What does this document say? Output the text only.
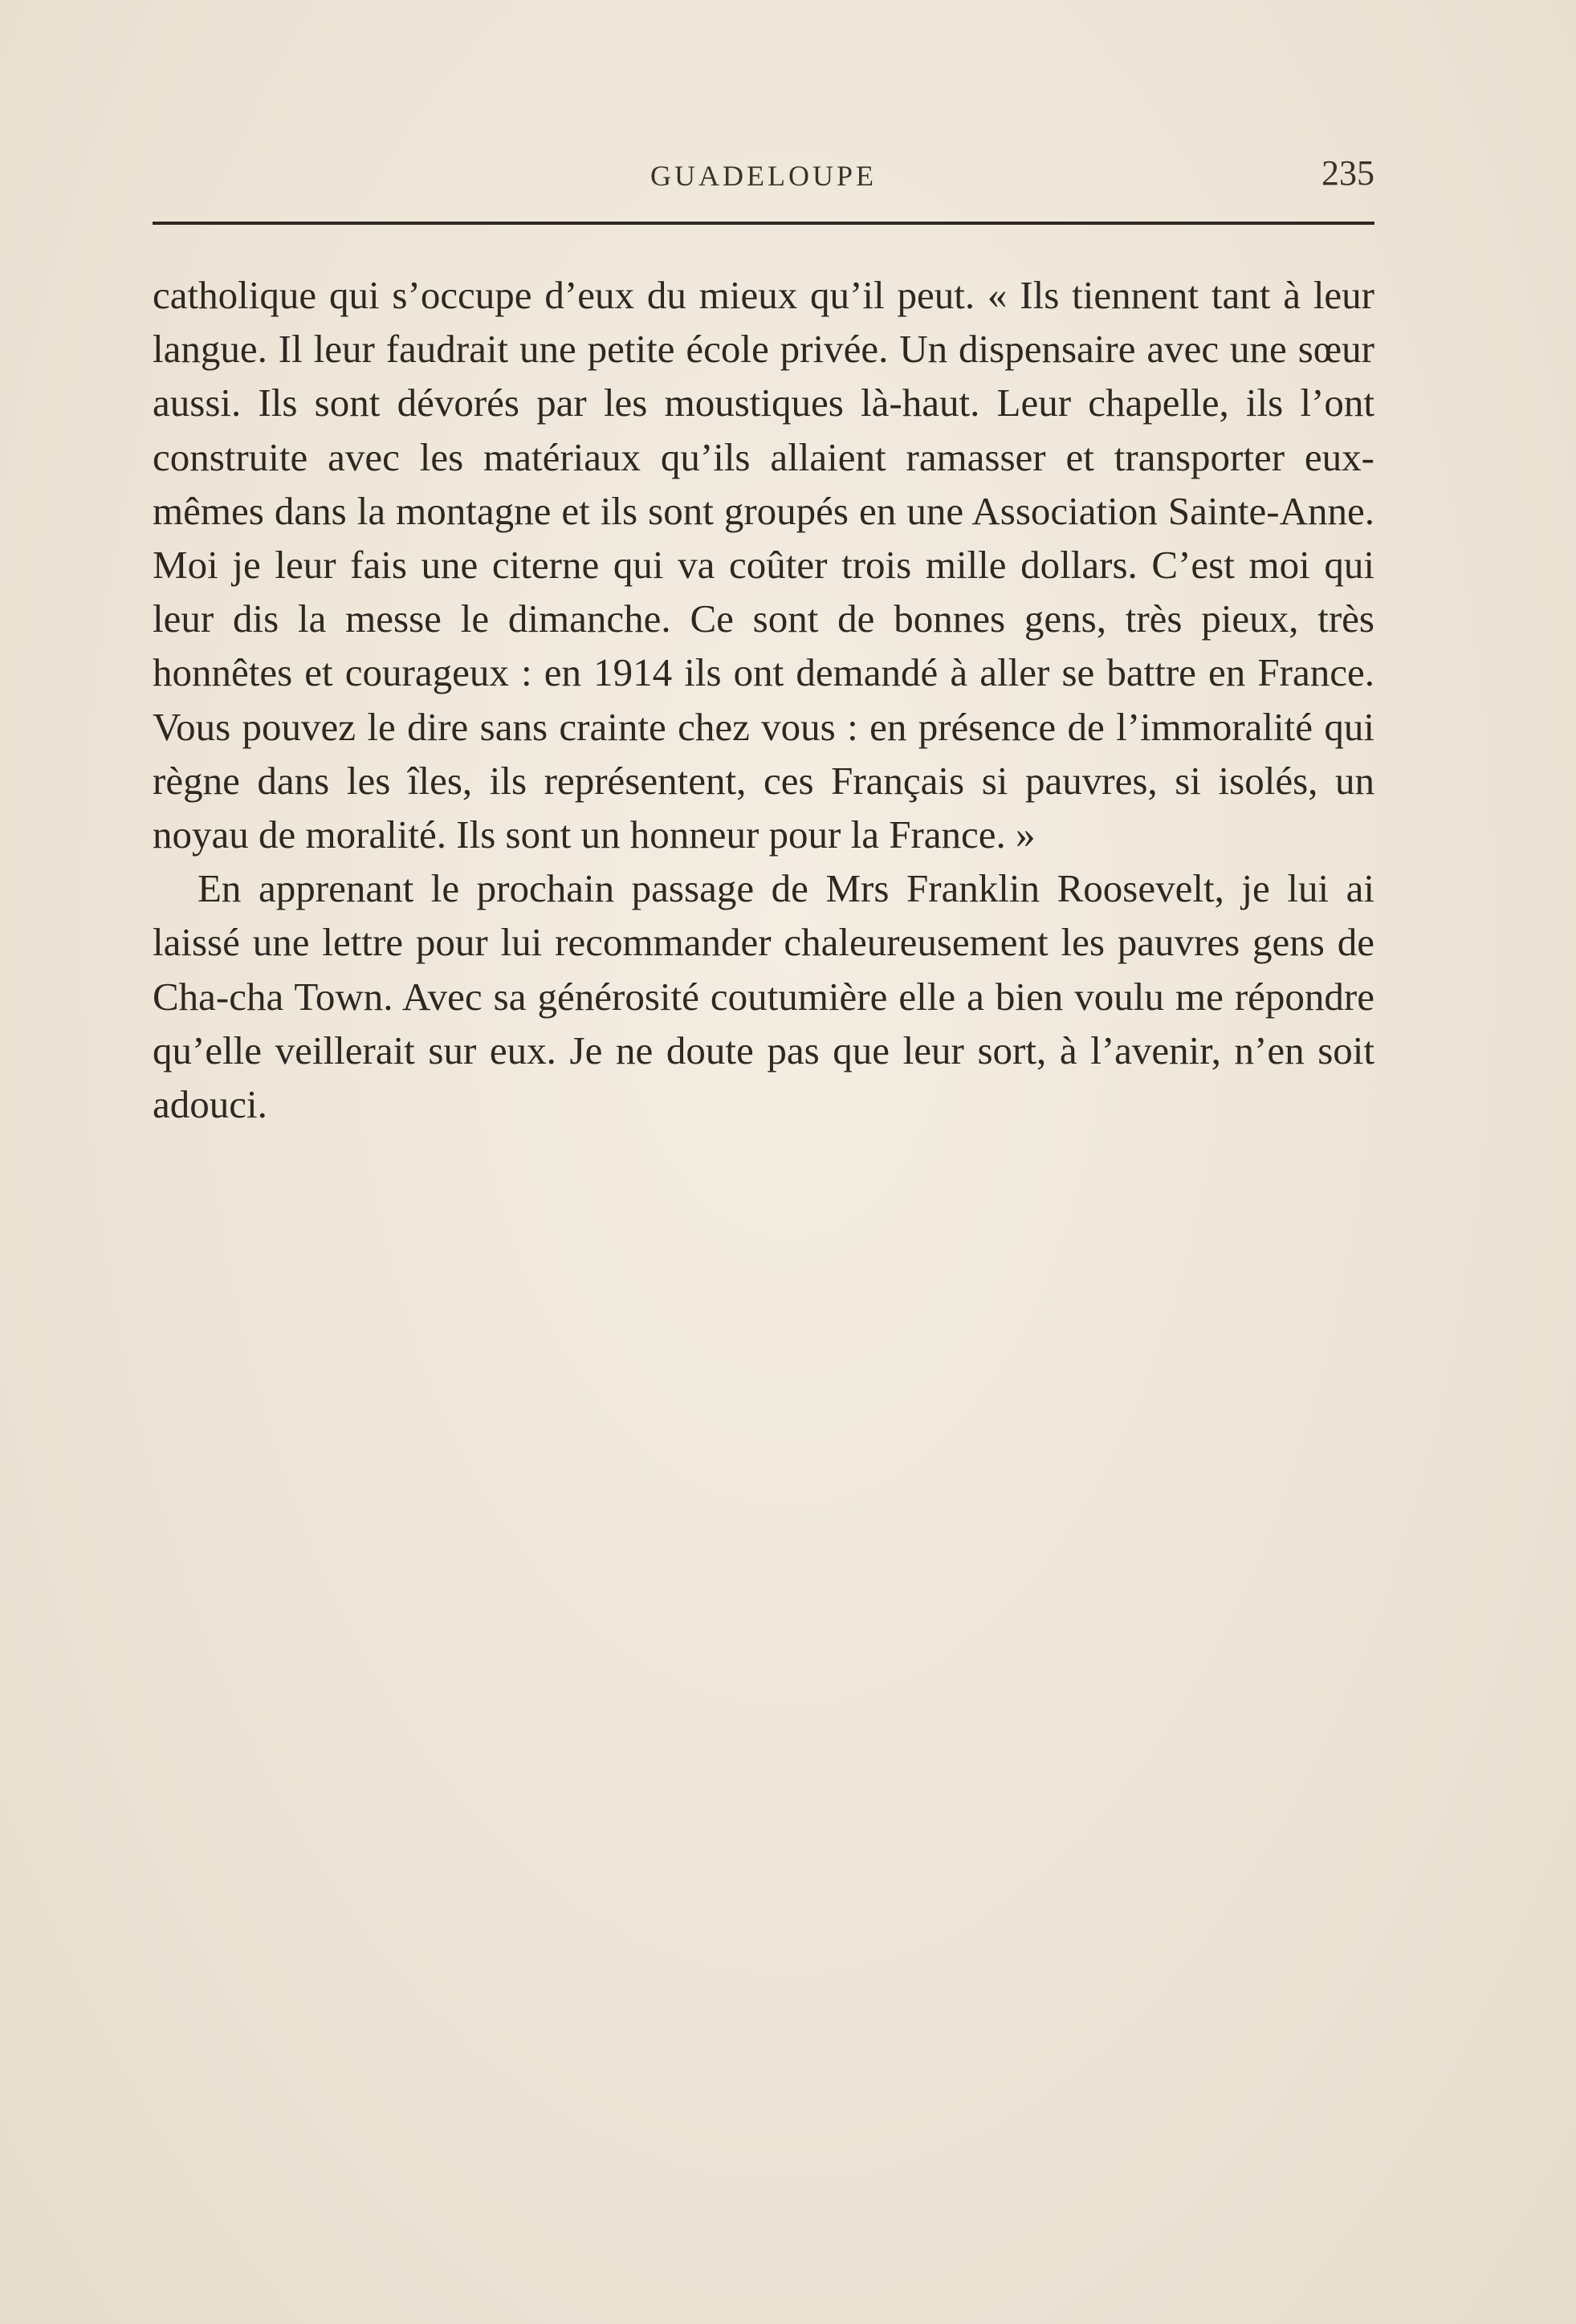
GUADELOUPE	235

catholique qui s’occupe d’eux du mieux qu’il peut. « Ils tiennent tant à leur langue. Il leur faudrait une petite école privée. Un dispensaire avec une sœur aussi. Ils sont dévorés par les moustiques là-haut. Leur chapelle, ils l’ont construite avec les matériaux qu’ils allaient ramasser et transporter eux-mêmes dans la montagne et ils sont groupés en une Association Sainte-Anne. Moi je leur fais une citerne qui va coûter trois mille dollars. C’est moi qui leur dis la messe le dimanche. Ce sont de bonnes gens, très pieux, très honnêtes et courageux : en 1914 ils ont demandé à aller se battre en France. Vous pouvez le dire sans crainte chez vous : en présence de l’immoralité qui règne dans les îles, ils représentent, ces Français si pauvres, si isolés, un noyau de moralité. Ils sont un honneur pour la France. »

En apprenant le prochain passage de Mrs Franklin Roosevelt, je lui ai laissé une lettre pour lui recommander chaleureusement les pauvres gens de Cha-cha Town. Avec sa générosité coutumière elle a bien voulu me répondre qu’elle veillerait sur eux. Je ne doute pas que leur sort, à l’avenir, n’en soit adouci.
